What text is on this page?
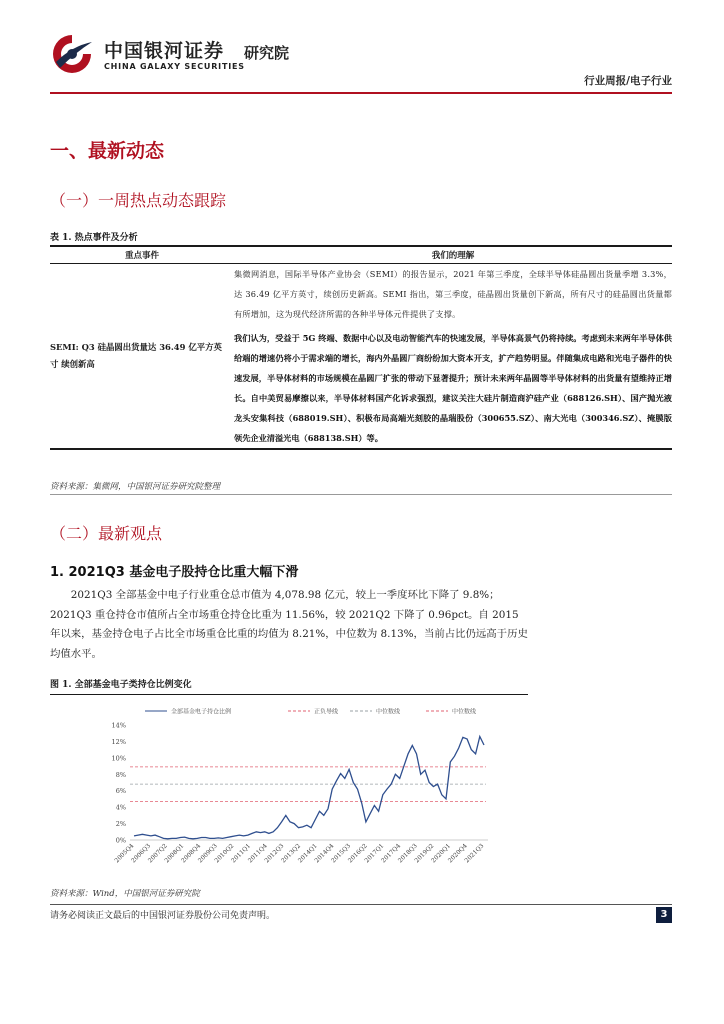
中国银河证券
CHINA GALAXY SECURITIES
研究院
行业周报/电子行业
一、最新动态
（一）一周热点动态跟踪
表 1. 热点事件及分析
重点事件	我们的理解

SEMI: Q3 硅晶圆出货量达 36.49 亿平方英寸 续创新高	集微网消息，国际半导体产业协会（SEMI）的报告显示，2021 年第三季度，全球半导体硅晶圆出货量季增 3.3%，达 36.49 亿平方英寸，续创历史新高。SEMI 指出，第三季度，硅晶圆出货量创下新高，所有尺寸的硅晶圆出货量都有所增加，这为现代经济所需的各种半导体元件提供了支撑。
我们认为，受益于 5G 终端、数据中心以及电动智能汽车的快速发展，半导体高景气仍将持续。考虑到未来两年半导体供给端的增速仍将小于需求端的增长，海内外晶圆厂商纷纷加大资本开支，扩产趋势明显。伴随集成电路和光电子器件的快速发展，半导体材料的市场规模在晶圆厂扩张的带动下显著提升；预计未来两年晶圆等半导体材料的出货量有望维持正增长。自中美贸易摩擦以来，半导体材料国产化诉求强烈，建议关注大硅片制造商沪硅产业（688126.SH）、国产抛光液龙头安集科技（688019.SH）、积极布局高端光刻胶的晶瑞股份（300655.SZ）、南大光电（300346.SZ）、掩膜版领先企业清溢光电（688138.SH）等。
资料来源：集微网，中国银河证券研究院整理
（二）最新观点
1. 2021Q3 基金电子股持仓比重大幅下滑

2021Q3 全部基金中电子行业重仓总市值为 4,078.98 亿元，较上一季度环比下降了 9.8%；2021Q3 重仓持仓市值所占全市场重仓持仓比重为 11.56%，较 2021Q2 下降了 0.96pct。自 2015 年以来，基金持仓电子占比全市场重仓比重的均值为 8.21%，中位数为 8.13%，当前占比仍远高于历史均值水平。

图 1. 全部基金电子类持仓比例变化
全部基金电子持仓比例	正负导线	中位数线	中位数线
0%
2%
4%
6%
8%
10%
12%
14%
2005Q4
2006Q3
2007Q2
2008Q1
2008Q4
2009Q3
2010Q2
2011Q1
2011Q4
2012Q3
2013Q2
2014Q1
2014Q4
2015Q3
2016Q2
2017Q1
2017Q4
2018Q3
2019Q2
2020Q1
2020Q4
2021Q3
资料来源：Wind，中国银河证券研究院
请务必阅读正文最后的中国银河证券股份公司免责声明。	3
